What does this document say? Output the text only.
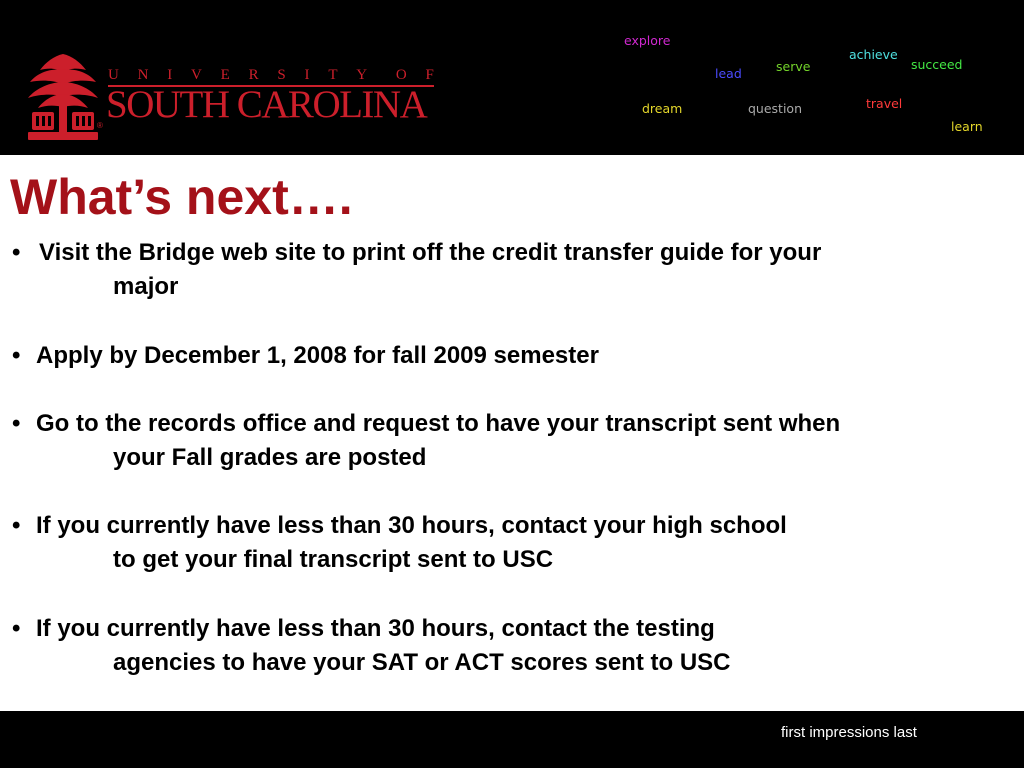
®
U N I V E R S I T Y O F
SOUTH CAROLINA
explore
lead	serve
achieve
succeed
dream	question	travel
learn
What’s next….
• Visit the Bridge web site to print off the credit transfer guide for your
major
• Apply by December 1, 2008 for fall 2009 semester
• Go to the records office and request to have your transcript sent when
your Fall grades are posted
• If you currently have less than 30 hours, contact your high school
to get your final transcript sent to USC
• If you currently have less than 30 hours, contact the testing
agencies to have your SAT or ACT scores sent to USC
first impressions last
